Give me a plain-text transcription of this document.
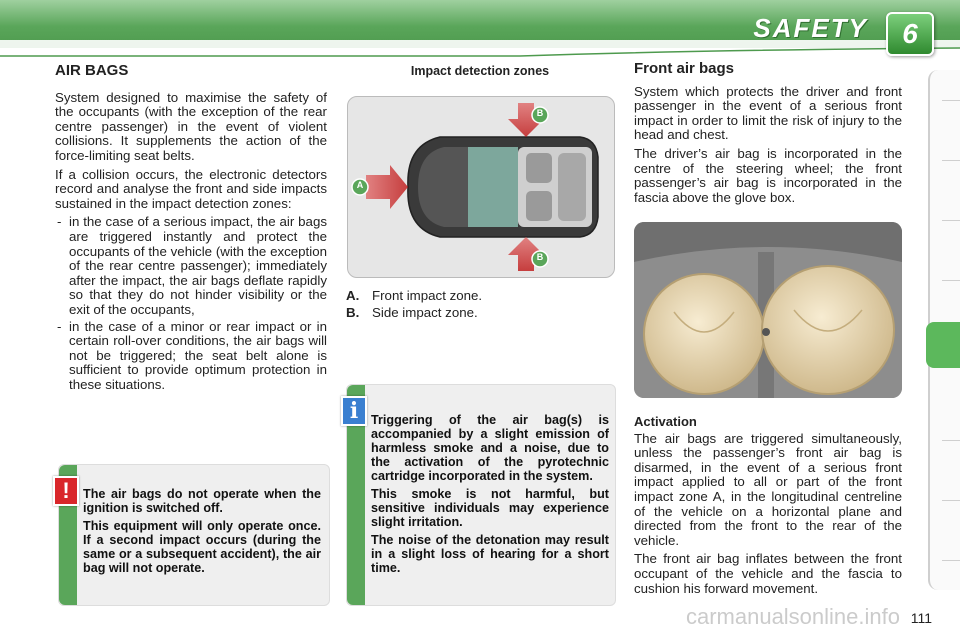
SAFETY	6
AIR BAGS

System designed to maximise the safety of the occupants (with the exception of the rear centre passenger) in the event of violent collisions. It supplements the action of the force-limiting seat belts.

If a collision occurs, the electronic detectors record and analyse the front and side impacts sustained in the impact detection zones:

- in the case of a serious impact, the air bags are triggered instantly and protect the occupants of the vehicle (with the exception of the rear centre passenger); immediately after the impact, the air bags deflate rapidly so that they do not hinder visibility or the exit of the occupants,
- in the case of a minor or rear impact or in certain roll-over conditions, the air bags will not be triggered; the seat belt alone is sufficient to provide optimum protection in these situations.
Impact detection zones
A
B
B
A. Front impact zone.
B. Side impact zone.
Front air bags

System which protects the driver and front passenger in the event of a serious front impact in order to limit the risk of injury to the head and chest.

The driver’s air bag is incorporated in the centre of the steering wheel; the front passenger’s air bag is incorporated in the fascia above the glove box.

Activation

The air bags are triggered simultaneously, unless the passenger’s front air bag is disarmed, in the event of a serious front impact applied to all or part of the front impact zone A, in the longitudinal centreline of the vehicle on a horizontal plane and directed from the front to the rear of the vehicle.

The front air bag inflates between the front occupant of the vehicle and the fascia to cushion his forward movement.

The air bags do not operate when the ignition is switched off.

This equipment will only operate once. If a second impact occurs (during the same or a subsequent accident), the air bag will not operate.

!

Triggering of the air bag(s) is accompanied by a slight emission of harmless smoke and a noise, due to the activation of the pyrotechnic cartridge incorporated in the system.

This smoke is not harmful, but sensitive individuals may experience slight irritation.

The noise of the detonation may result in a slight loss of hearing for a short time.

i
carmanualsonline.info 111
